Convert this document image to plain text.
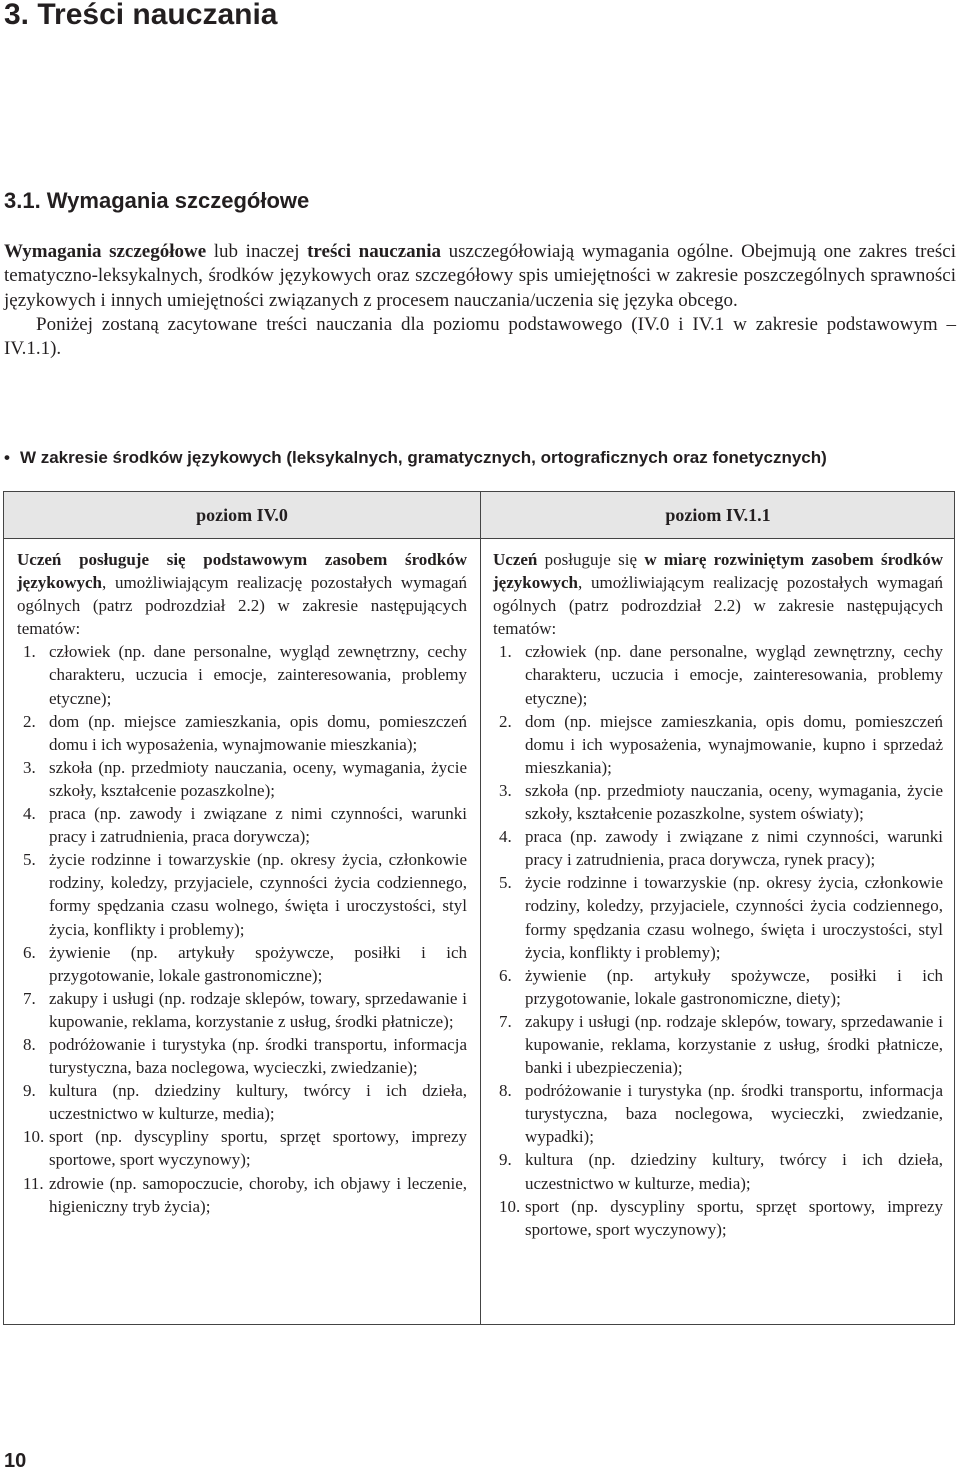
3. Treści nauczania
3.1. Wymagania szczegółowe

Wymagania szczegółowe lub inaczej treści nauczania uszczegółowiają wymagania ogólne. Obejmują one zakres treści tematyczno-leksykalnych, środków językowych oraz szczegółowy spis umiejętności w zakresie poszczególnych sprawności językowych i innych umiejętności związanych z procesem nauczania/uczenia się języka obcego.

Poniżej zostaną zacytowane treści nauczania dla poziomu podstawowego (IV.0 i IV.1 w zakresie podstawowym – IV.1.1).

• W zakresie środków językowych (leksykalnych, gramatycznych, ortograficznych oraz fonetycznych)
poziom IV.0	poziom IV.1.1

Uczeń posługuje się podstawowym zasobem środków językowych, umożliwiającym realizację pozostałych wymagań ogólnych (patrz podrozdział 2.2) w zakresie następujących tematów:

1. człowiek (np. dane personalne, wygląd zewnętrzny, cechy charakteru, uczucia i emocje, zainteresowania, problemy etyczne);
2. dom (np. miejsce zamieszkania, opis domu, pomieszczeń domu i ich wyposażenia, wynajmowanie mieszkania);
3. szkoła (np. przedmioty nauczania, oceny, wymagania, życie szkoły, kształcenie pozaszkolne);
4. praca (np. zawody i związane z nimi czynności, warunki pracy i zatrudnienia, praca dorywcza);
5. życie rodzinne i towarzyskie (np. okresy życia, członkowie rodziny, koledzy, przyjaciele, czynności życia codziennego, formy spędzania czasu wolnego, święta i uroczystości, styl życia, konflikty i problemy);
6. żywienie (np. artykuły spożywcze, posiłki i ich przygotowanie, lokale gastronomiczne);
7. zakupy i usługi (np. rodzaje sklepów, towary, sprzedawanie i kupowanie, reklama, korzystanie z usług, środki płatnicze);
8. podróżowanie i turystyka (np. środki transportu, informacja turystyczna, baza noclegowa, wycieczki, zwiedzanie);
9. kultura (np. dziedziny kultury, twórcy i ich dzieła, uczestnictwo w kulturze, media);
10. sport (np. dyscypliny sportu, sprzęt sportowy, imprezy sportowe, sport wyczynowy);
11. zdrowie (np. samopoczucie, choroby, ich objawy i leczenie, higieniczny tryb życia);

Uczeń posługuje się w miarę rozwiniętym zasobem środków językowych, umożliwiającym realizację pozostałych wymagań ogólnych (patrz podrozdział 2.2) w zakresie następujących tematów:

1. człowiek (np. dane personalne, wygląd zewnętrzny, cechy charakteru, uczucia i emocje, zainteresowania, problemy etyczne);
2. dom (np. miejsce zamieszkania, opis domu, pomieszczeń domu i ich wyposażenia, wynajmowanie, kupno i sprzedaż mieszkania);
3. szkoła (np. przedmioty nauczania, oceny, wymagania, życie szkoły, kształcenie pozaszkolne, system oświaty);
4. praca (np. zawody i związane z nimi czynności, warunki pracy i zatrudnienia, praca dorywcza, rynek pracy);
5. życie rodzinne i towarzyskie (np. okresy życia, członkowie rodziny, koledzy, przyjaciele, czynności życia codziennego, formy spędzania czasu wolnego, święta i uroczystości, styl życia, konflikty i problemy);
6. żywienie (np. artykuły spożywcze, posiłki i ich przygotowanie, lokale gastronomiczne, diety);
7. zakupy i usługi (np. rodzaje sklepów, towary, sprzedawanie i kupowanie, reklama, korzystanie z usług, środki płatnicze, banki i ubezpieczenia);
8. podróżowanie i turystyka (np. środki transportu, informacja turystyczna, baza noclegowa, wycieczki, zwiedzanie, wypadki);
9. kultura (np. dziedziny kultury, twórcy i ich dzieła, uczestnictwo w kulturze, media);
10. sport (np. dyscypliny sportu, sprzęt sportowy, imprezy sportowe, sport wyczynowy);
10
